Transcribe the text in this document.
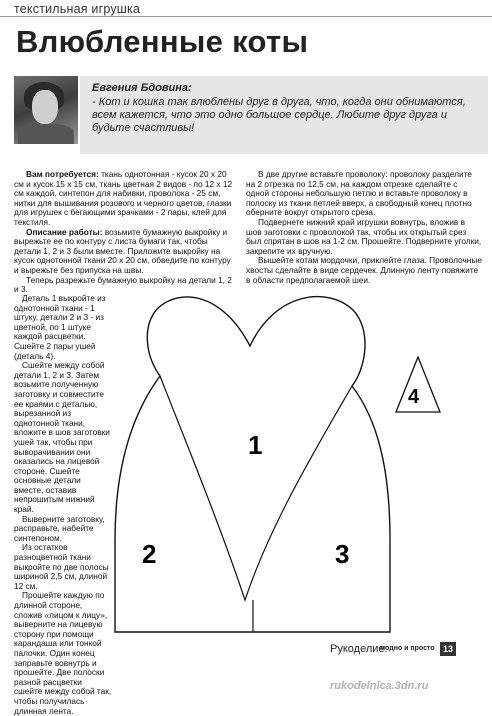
текстильная игрушка
Влюбленные коты
Евгения Бдовина:
- Кот и кошка так влюблены друг в друга, что, когда они обнимаются, всем кажется, что это одно большое сердце. Любите друг друга и будьте счастливы!

Вам потребуется: ткань однотонная - кусок 20 х 20 см и кусок 15 х 15 см, ткань цветная 2 видов - по 12 х 12 см каждой, синтепон для набивки, проволока - 25 см, нитки для вышивания розового и черного цветов, глазки для игрушек с бегающими зрачками - 2 пары, клей для текстиля.

Описание работы: возьмите бумажную выкройку и вырежьте ее по контуру с листа бумаги так, чтобы детали 1, 2 и 3 были вместе. Приложите выкройку на кусок однотонной ткани 20 х 20 см, обведите по контуру и вырежьте без припуска на швы.

Теперь разрежьте бумажную выкройку на детали 1, 2 и 3.

В две другие вставьте проволоку: проволоку разделите на 2 отрезка по 12,5 см, на каждом отрезке сделайте с одной стороны небольшую петлю и вставьте проволоку в полоску из ткани петлей вверх, а свободный конец плотно оберните вокруг открытого среза.

Подвернете нижний край игрушки вовнутрь, вложив в шов заготовки с проволокой так, чтобы их открытый срез был спрятан в шов на 1-2 см. Прошейте. Подверните уголки, закрепите их вручную.

Вышейте котам мордочки, приклейте глаза. Проволочные хвосты сделайте в виде сердечек. Длинную ленту повяжите в области предполагаемой шеи.

Деталь 1 выкройте из однотонной ткани - 1 штуку, детали 2 и 3 - из цветной, по 1 штуке каждой расцветки. Сшейте 2 пары ушей (деталь 4).

Сшейте между собой детали 1, 2 и 3. Затем возьмите полученную заготовку и совместите ее краями с деталью, вырезанной из однотонной ткани, вложите в шов заготовки ушей так, чтобы при выворачивании они оказались на лицевой стороне. Сшейте основные детали вместе, оставив непрошитым нижний край.

Выверните заготовку, расправьте, набейте синтепоном.

Из остатков разноцветной ткани выкройте по две полосы шириной 2,5 см, длиной 12 см.

Прошейте каждую по длинной стороне, сложив «лицом к лицу», выверните на лицевую сторону при помощи карандаша или тонкой палочки. Один конец заправьте вовнутрь и прошейте. Две полоски разной расцветки сшейте между собой так, чтобы получилась длинная лента.

1
2	3
4
Рукоделие:
модно и просто 13
rukodelnica.3dn.ru
